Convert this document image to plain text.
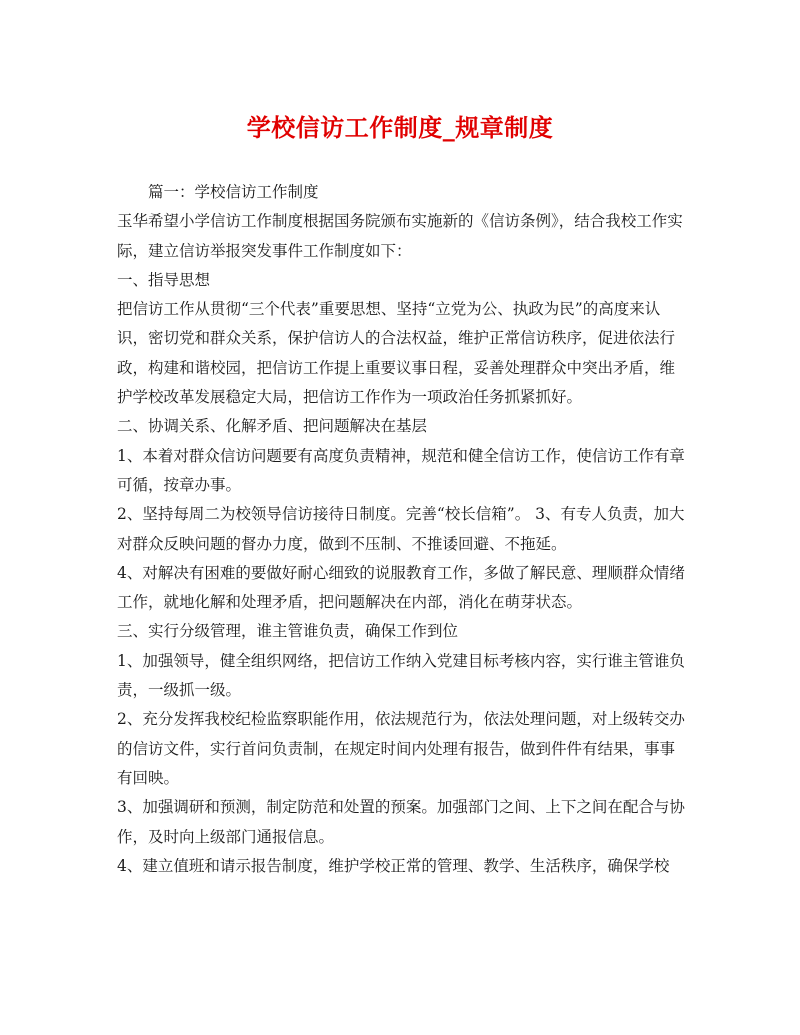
学校信访工作制度_规章制度

篇一：学校信访工作制度

玉华希望小学信访工作制度根据国务院颁布实施新的《信访条例》，结合我校工作实际，建立信访举报突发事件工作制度如下：

一、指导思想

把信访工作从贯彻“三个代表”重要思想、坚持“立党为公、执政为民”的高度来认识，密切党和群众关系，保护信访人的合法权益，维护正常信访秩序，促进依法行政，构建和谐校园，把信访工作提上重要议事日程，妥善处理群众中突出矛盾，维护学校改革发展稳定大局，把信访工作作为一项政治任务抓紧抓好。

二、协调关系、化解矛盾、把问题解决在基层

1、本着对群众信访问题要有高度负责精神，规范和健全信访工作，使信访工作有章可循，按章办事。

2、坚持每周二为校领导信访接待日制度。完善“校长信箱”。 3、有专人负责，加大对群众反映问题的督办力度，做到不压制、不推诿回避、不拖延。

4、对解决有困难的要做好耐心细致的说服教育工作，多做了解民意、理顺群众情绪工作，就地化解和处理矛盾，把问题解决在内部，消化在萌芽状态。

三、实行分级管理，谁主管谁负责，确保工作到位

1、加强领导，健全组织网络，把信访工作纳入党建目标考核内容，实行谁主管谁负责，一级抓一级。

2、充分发挥我校纪检监察职能作用，依法规范行为，依法处理问题，对上级转交办的信访文件，实行首问负责制，在规定时间内处理有报告，做到件件有结果，事事有回映。

3、加强调研和预测，制定防范和处置的预案。加强部门之间、上下之间在配合与协作，及时向上级部门通报信息。

4、建立值班和请示报告制度，维护学校正常的管理、教学、生活秩序，确保学校
